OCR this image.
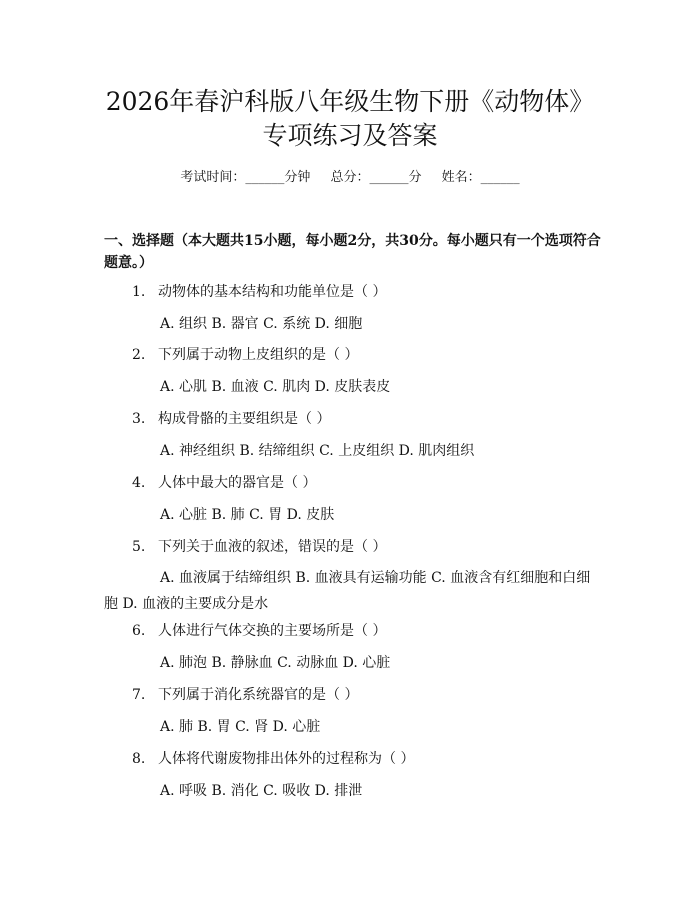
2026年春沪科版八年级生物下册《动物体》
专项练习及答案
考试时间：______分钟 总分：______分 姓名：______
一、选择题（本大题共15小题，每小题2分，共30分。每小题只有一个选项符合题意。）
1. 动物体的基本结构和功能单位是（ ）
A. 组织 B. 器官 C. 系统 D. 细胞
2. 下列属于动物上皮组织的是（ ）
A. 心肌 B. 血液 C. 肌肉 D. 皮肤表皮
3. 构成骨骼的主要组织是（ ）
A. 神经组织 B. 结缔组织 C. 上皮组织 D. 肌肉组织
4. 人体中最大的器官是（ ）
A. 心脏 B. 肺 C. 胃 D. 皮肤
5. 下列关于血液的叙述，错误的是（ ）
A. 血液属于结缔组织 B. 血液具有运输功能 C. 血液含有红细胞和白细胞 D. 血液的主要成分是水
6. 人体进行气体交换的主要场所是（ ）
A. 肺泡 B. 静脉血 C. 动脉血 D. 心脏
7. 下列属于消化系统器官的是（ ）
A. 肺 B. 胃 C. 肾 D. 心脏
8. 人体将代谢废物排出体外的过程称为（ ）
A. 呼吸 B. 消化 C. 吸收 D. 排泄
